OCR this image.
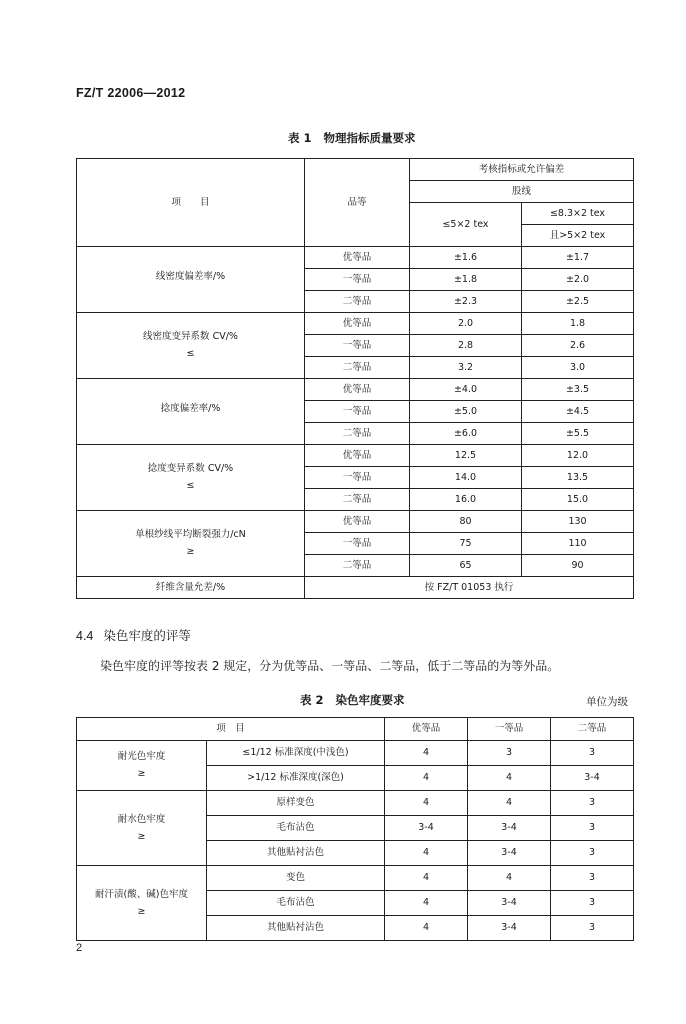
FZ/T 22006—2012
表 1 物理指标质量要求
项　　目	品等	考核指标或允许偏差	
		股线	
		≤5×2 tex	≤8.3×2 tex
			且>5×2 tex
线密度偏差率/%	优等品	±1.6	±1.7
	一等品	±1.8	±2.0
	二等品	±2.3	±2.5
线密度变异系数 CV/%
≤	优等品	2.0	1.8
	一等品	2.8	2.6
	二等品	3.2	3.0
捻度偏差率/%	优等品	±4.0	±3.5
	一等品	±5.0	±4.5
	二等品	±6.0	±5.5
捻度变异系数 CV/%
≤	优等品	12.5	12.0
	一等品	14.0	13.5
	二等品	16.0	15.0
单根纱线平均断裂强力/cN
≥	优等品	80	130
	一等品	75	110
	二等品	65	90
纤维含量允差/%	按 FZ/T 01053 执行		
4.4 染色牢度的评等
染色牢度的评等按表 2 规定，分为优等品、一等品、二等品，低于二等品的为等外品。
表 2 染色牢度要求	单位为级
项　目		优等品	一等品	二等品
耐光色牢度
≥	≤1/12 标准深度(中浅色)	4	3	3
	>1/12 标准深度(深色)	4	4	3-4
耐水色牢度
≥	原样变色	4	4	3
	毛布沾色	3-4	3-4	3
	其他贴衬沾色	4	3-4	3
耐汗渍(酸、碱)色牢度
≥	变色	4	4	3
	毛布沾色	4	3-4	3
	其他贴衬沾色	4	3-4	3
2
